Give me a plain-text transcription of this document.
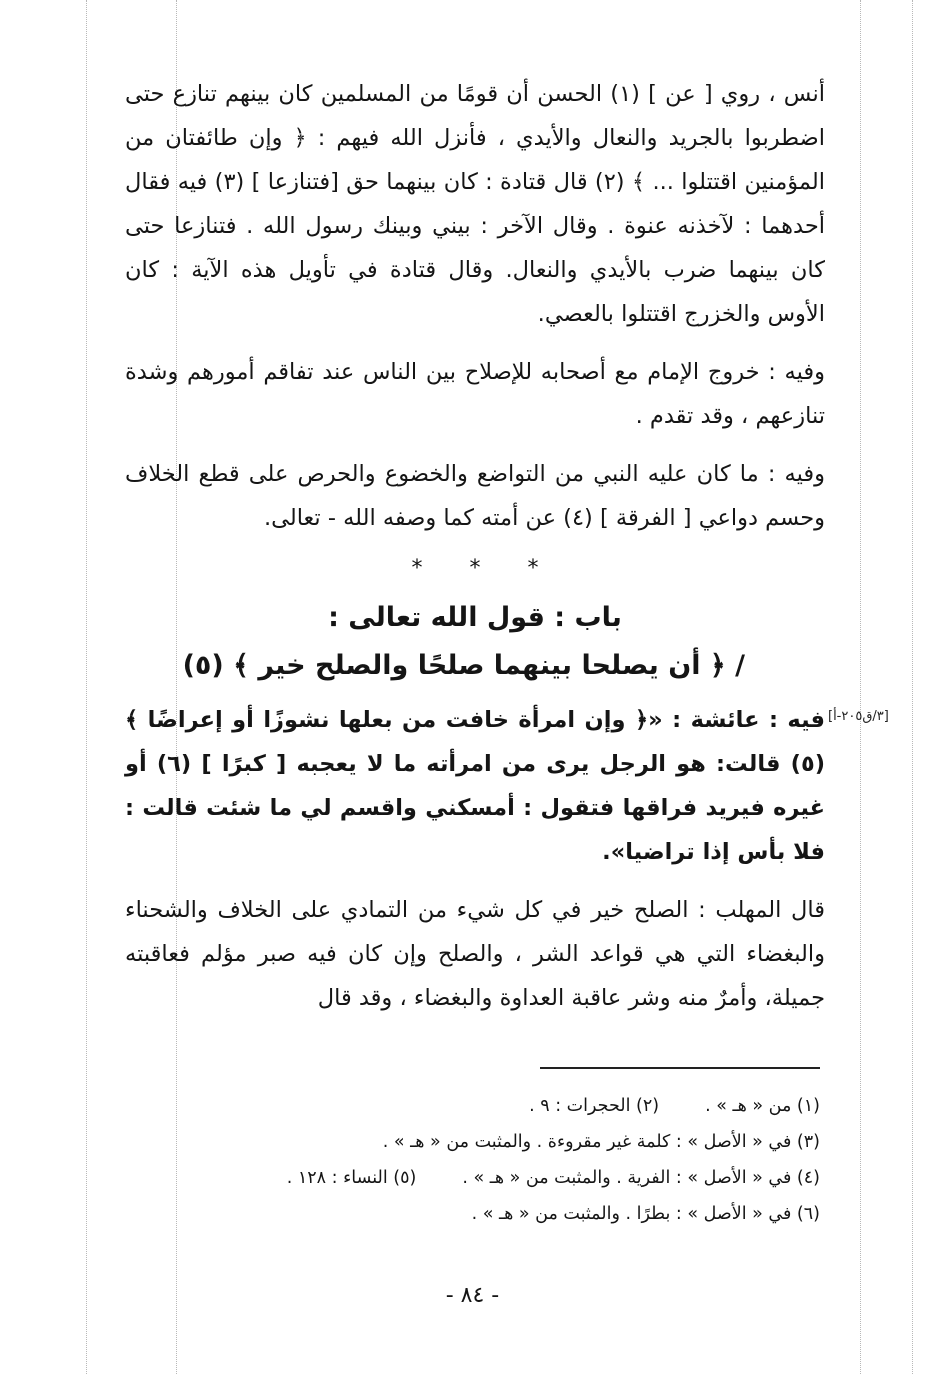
أنس ، روي [ عن ] (١) الحسن أن قومًا من المسلمين كان بينهم تنازع حتى اضطربوا بالجريد والنعال والأيدي ، فأنزل الله فيهم : ﴿ وإن طائفتان من المؤمنين اقتتلوا ... ﴾ (٢) قال قتادة : كان بينهما حق [فتنازعا ] (٣) فيه فقال أحدهما : لآخذنه عنوة . وقال الآخر : بيني وبينك رسول الله . فتنازعا حتى كان بينهما ضرب بالأيدي والنعال. وقال قتادة في تأويل هذه الآية : كان الأوس والخزرج اقتتلوا بالعصي.

وفيه : خروج الإمام مع أصحابه للإصلاح بين الناس عند تفاقم أمورهم وشدة تنازعهم ، وقد تقدم .

وفيه : ما كان عليه النبي من التواضع والخضوع والحرص على قطع الخلاف وحسم دواعي [ الفرقة ] (٤) عن أمته كما وصفه الله - تعالى.

* * *
باب : قول الله تعالى :
/ ﴿ أن يصلحا بينهما صلحًا والصلح خير ﴾ (٥)

فيه : عائشة : «﴿ وإن امرأة خافت من بعلها نشوزًا أو إعراضًا ﴾ (٥) قالت: هو الرجل يرى من امرأته ما لا يعجبه [ كبرًا ] (٦) أو غيره فيريد فراقها فتقول : أمسكني واقسم لي ما شئت قالت : فلا بأس إذا تراضيا».

قال المهلب : الصلح خير في كل شيء من التمادي على الخلاف والشحناء والبغضاء التي هي قواعد الشر ، والصلح وإن كان فيه صبر مؤلم فعاقبته جميلة، وأمرٌ منه وشر عاقبة العداوة والبغضاء ، وقد قال

[٣/ق٢٠٥-أ]
(١) من « هـ » .(٢) الحجرات : ٩ .
(٣) في « الأصل » : كلمة غير مقروءة . والمثبت من « هـ » .
(٤) في « الأصل » : الفرية . والمثبت من « هـ » .(٥) النساء : ١٢٨ .
(٦) في « الأصل » : بطرًا . والمثبت من « هـ » .
- ٨٤ -
